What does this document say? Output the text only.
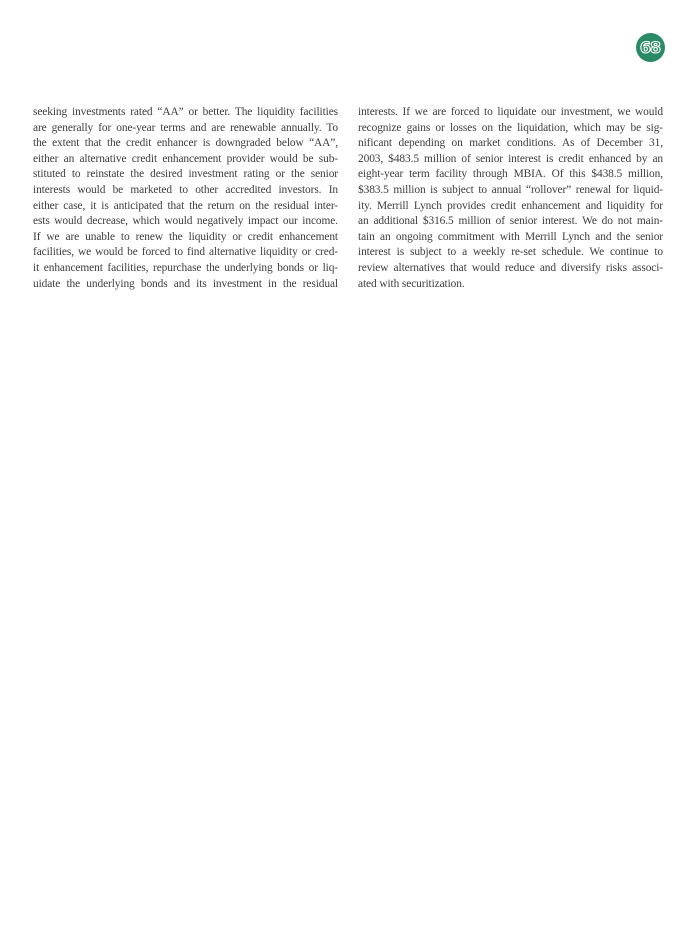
68
seeking investments rated “AA” or better. The liquidity facilities
are generally for one-year terms and are renewable annually. To
the extent that the credit enhancer is downgraded below “AA”,
either an alternative credit enhancement provider would be sub-
stituted to reinstate the desired investment rating or the senior
interests would be marketed to other accredited investors. In
either case, it is anticipated that the return on the residual inter-
ests would decrease, which would negatively impact our income.
If we are unable to renew the liquidity or credit enhancement
facilities, we would be forced to find alternative liquidity or cred-
it enhancement facilities, repurchase the underlying bonds or liq-
uidate the underlying bonds and its investment in the residual
interests. If we are forced to liquidate our investment, we would
recognize gains or losses on the liquidation, which may be sig-
nificant depending on market conditions. As of December 31,
2003, $483.5 million of senior interest is credit enhanced by an
eight-year term facility through MBIA. Of this $438.5 million,
$383.5 million is subject to annual “rollover” renewal for liquid-
ity. Merrill Lynch provides credit enhancement and liquidity for
an additional $316.5 million of senior interest. We do not main-
tain an ongoing commitment with Merrill Lynch and the senior
interest is subject to a weekly re-set schedule. We continue to
review alternatives that would reduce and diversify risks associ-
ated with securitization.
